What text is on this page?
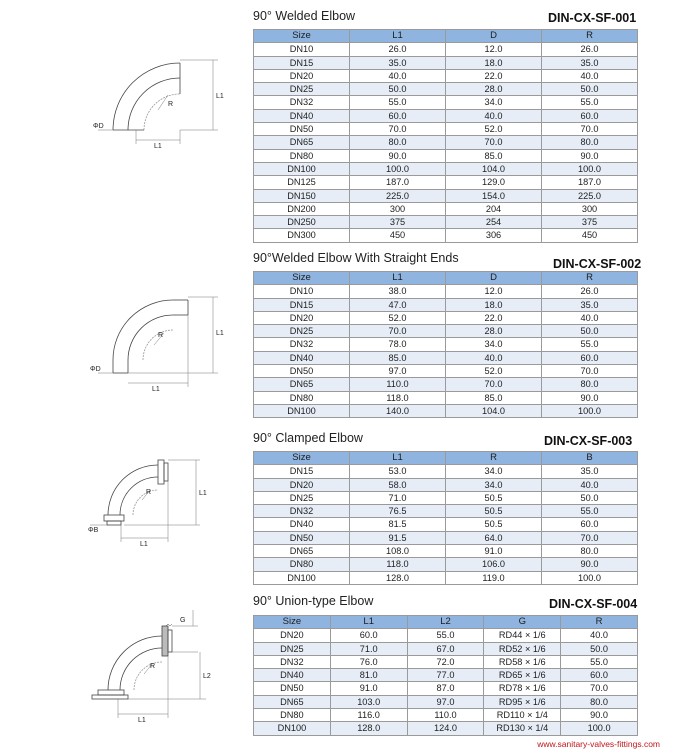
90° Welded Elbow	DIN-CX-SF-001
Size	L1	D	R
DN10	26.0	12.0	26.0
DN15	35.0	18.0	35.0
DN20	40.0	22.0	40.0
DN25	50.0	28.0	50.0
DN32	55.0	34.0	55.0
DN40	60.0	40.0	60.0
DN50	70.0	52.0	70.0
DN65	80.0	70.0	80.0
DN80	90.0	85.0	90.0
DN100	100.0	104.0	100.0
DN125	187.0	129.0	187.0
DN150	225.0	154.0	225.0
DN200	300	204	300
DN250	375	254	375
DN300	450	306	450
ΦD
L1
L1
R
90°Welded Elbow With Straight Ends	DIN-CX-SF-002
Size	L1	D	R
DN10	38.0	12.0	26.0
DN15	47.0	18.0	35.0
DN20	52.0	22.0	40.0
DN25	70.0	28.0	50.0
DN32	78.0	34.0	55.0
DN40	85.0	40.0	60.0
DN50	97.0	52.0	70.0
DN65	110.0	70.0	80.0
DN80	118.0	85.0	90.0
DN100	140.0	104.0	100.0
ΦD
L1
L1
R
90° Clamped Elbow	DIN-CX-SF-003
Size	L1	R	B
DN15	53.0	34.0	35.0
DN20	58.0	34.0	40.0
DN25	71.0	50.5	50.0
DN32	76.5	50.5	55.0
DN40	81.5	50.5	60.0
DN50	91.5	64.0	70.0
DN65	108.0	91.0	80.0
DN80	118.0	106.0	90.0
DN100	128.0	119.0	100.0
ΦB
L1
L1
R
90° Union-type Elbow	DIN-CX-SF-004
Size	L1	L2	G	R
DN20	60.0	55.0	RD44 × 1/6	40.0
DN25	71.0	67.0	RD52 × 1/6	50.0
DN32	76.0	72.0	RD58 × 1/6	55.0
DN40	81.0	77.0	RD65 × 1/6	60.0
DN50	91.0	87.0	RD78 × 1/6	70.0
DN65	103.0	97.0	RD95 × 1/6	80.0
DN80	116.0	110.0	RD110 × 1/4	90.0
DN100	128.0	124.0	RD130 × 1/4	100.0
G
L1
L2
R
www.sanitary-valves-fittings.com
